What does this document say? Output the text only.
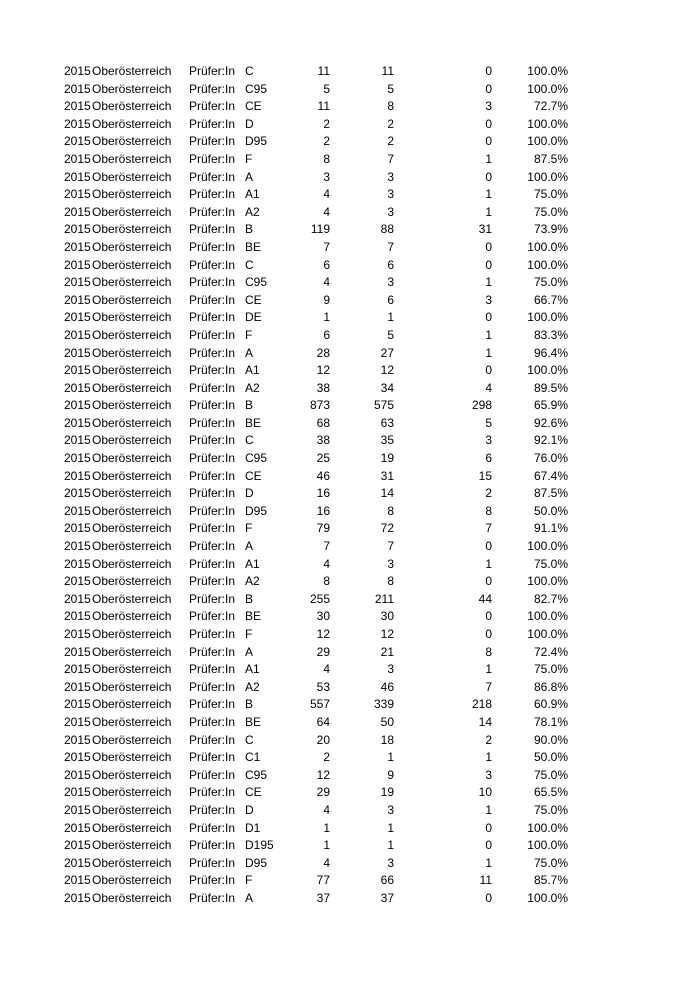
2015 Oberösterreich Prüfer:In C	11	11	0	100.0%
2015 Oberösterreich Prüfer:In C95	5	5	0	100.0%
2015 Oberösterreich Prüfer:In CE	11	8	3	72.7%
2015 Oberösterreich Prüfer:In D	2	2	0	100.0%
2015 Oberösterreich Prüfer:In D95	2	2	0	100.0%
2015 Oberösterreich Prüfer:In F	8	7	1	87.5%
2015 Oberösterreich Prüfer:In A	3	3	0	100.0%
2015 Oberösterreich Prüfer:In A1	4	3	1	75.0%
2015 Oberösterreich Prüfer:In A2	4	3	1	75.0%
2015 Oberösterreich Prüfer:In B	119	88	31	73.9%
2015 Oberösterreich Prüfer:In BE	7	7	0	100.0%
2015 Oberösterreich Prüfer:In C	6	6	0	100.0%
2015 Oberösterreich Prüfer:In C95	4	3	1	75.0%
2015 Oberösterreich Prüfer:In CE	9	6	3	66.7%
2015 Oberösterreich Prüfer:In DE	1	1	0	100.0%
2015 Oberösterreich Prüfer:In F	6	5	1	83.3%
2015 Oberösterreich Prüfer:In A	28	27	1	96.4%
2015 Oberösterreich Prüfer:In A1	12	12	0	100.0%
2015 Oberösterreich Prüfer:In A2	38	34	4	89.5%
2015 Oberösterreich Prüfer:In B	873	575	298	65.9%
2015 Oberösterreich Prüfer:In BE	68	63	5	92.6%
2015 Oberösterreich Prüfer:In C	38	35	3	92.1%
2015 Oberösterreich Prüfer:In C95	25	19	6	76.0%
2015 Oberösterreich Prüfer:In CE	46	31	15	67.4%
2015 Oberösterreich Prüfer:In D	16	14	2	87.5%
2015 Oberösterreich Prüfer:In D95	16	8	8	50.0%
2015 Oberösterreich Prüfer:In F	79	72	7	91.1%
2015 Oberösterreich Prüfer:In A	7	7	0	100.0%
2015 Oberösterreich Prüfer:In A1	4	3	1	75.0%
2015 Oberösterreich Prüfer:In A2	8	8	0	100.0%
2015 Oberösterreich Prüfer:In B	255	211	44	82.7%
2015 Oberösterreich Prüfer:In BE	30	30	0	100.0%
2015 Oberösterreich Prüfer:In F	12	12	0	100.0%
2015 Oberösterreich Prüfer:In A	29	21	8	72.4%
2015 Oberösterreich Prüfer:In A1	4	3	1	75.0%
2015 Oberösterreich Prüfer:In A2	53	46	7	86.8%
2015 Oberösterreich Prüfer:In B	557	339	218	60.9%
2015 Oberösterreich Prüfer:In BE	64	50	14	78.1%
2015 Oberösterreich Prüfer:In C	20	18	2	90.0%
2015 Oberösterreich Prüfer:In C1	2	1	1	50.0%
2015 Oberösterreich Prüfer:In C95	12	9	3	75.0%
2015 Oberösterreich Prüfer:In CE	29	19	10	65.5%
2015 Oberösterreich Prüfer:In D	4	3	1	75.0%
2015 Oberösterreich Prüfer:In D1	1	1	0	100.0%
2015 Oberösterreich Prüfer:In D195	1	1	0	100.0%
2015 Oberösterreich Prüfer:In D95	4	3	1	75.0%
2015 Oberösterreich Prüfer:In F	77	66	11	85.7%
2015 Oberösterreich Prüfer:In A	37	37	0	100.0%
